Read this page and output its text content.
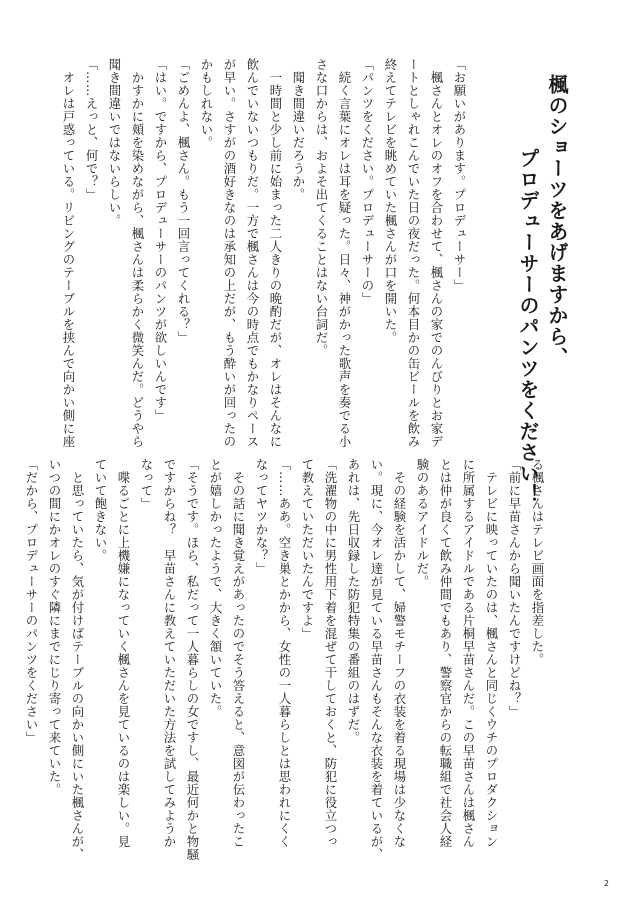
楓のショーツをあげますから、
プロデューサーのパンツをください！

「お願いがあります。プロデューサー」

　楓さんとオレのオフを合わせて、楓さんの家でのんびりとお家デ

ートとしゃれこんでいた日の夜だった。何本目かの缶ビールを飲み

終えてテレビを眺めていた楓さんが口を開いた。

「パンツをください。プロデューサーの」

　続く言葉にオレは耳を疑った。日々、神がかった歌声を奏でる小

さな口からは、およそ出てくることはない台詞だ。

　聞き間違いだろうか。

　一時間と少し前に始まった二人きりの晩酌だが、オレはそんなに

飲んでいないつもりだ。一方で楓さんは今の時点でもかなりペース

が早い。さすがの酒好きなのは承知の上だが、もう酔いが回ったの

かもしれない。

「ごめんよ、楓さん。もう一回言ってくれる？」

「はい。ですから、プロデューサーのパンツが欲しいんです」

　かすかに頬を染めながら、楓さんは柔らかく微笑んだ。どうやら

聞き間違いではないらしい。

「……えっと、何で？」

　オレは戸惑っている。リビングのテーブルを挟んで向かい側に座

る楓さんはテレビ画面を指差した。

「前に早苗さんから聞いたんですけどね？」

　テレビに映っていたのは、楓さんと同じくウチのプロダクション

に所属するアイドルである片桐早苗さんだ。この早苗さんは楓さん

とは仲が良くて飲み仲間でもあり、警察官からの転職組で社会人経

験のあるアイドルだ。

　その経験を活かして、婦警モチーフの衣装を着る現場は少なくな

い。現に、今オレ達が見ている早苗さんもそんな衣装を着ているが、

あれは、先日収録した防犯特集の番組のはずだ。

「洗濯物の中に男性用下着を混ぜて干しておくと、防犯に役立つっ

て教えていただいたんですよ」

「……ああ。空き巣とかから、女性の一人暮らしとは思われにくく

なってヤツかな？」

　その話に聞き覚えがあったのでそう答えると、意図が伝わったこ

とが嬉しかったようで、大きく頷いていた。

「そうです。ほら、私だって一人暮らしの女ですし、最近何かと物騒

ですからね？　早苗さんに教えていただいた方法を試してみようか

なって」

　喋るごとに上機嫌になっていく楓さんを見ているのは楽しい。見

ていて飽きない。

　と思っていたら、気が付けばテーブルの向かい側にいた楓さんが、

いつの間にかオレのすぐ隣にまでにじり寄って来ていた。

「だから、プロデューサーのパンツをください」

2
